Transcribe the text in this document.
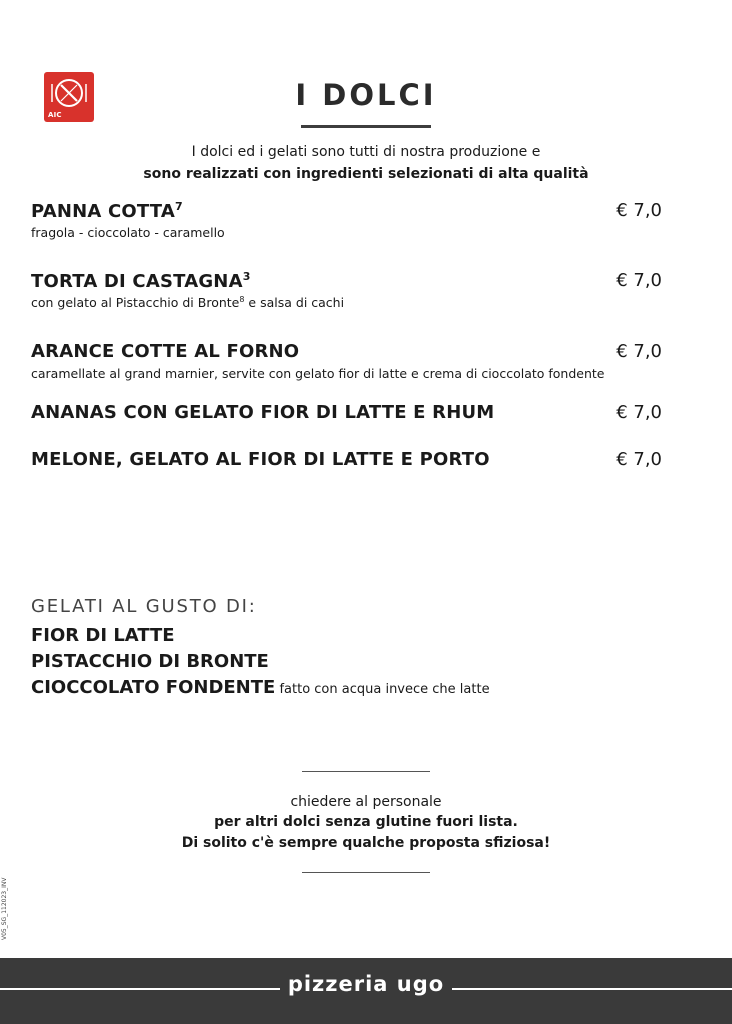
AIC
I DOLCI
I dolci ed i gelati sono tutti di nostra produzione e
sono realizzati con ingredienti selezionati di alta qualità
PANNA COTTA$^7$	€ 7,0
fragola - cioccolato - caramello
TORTA DI CASTAGNA$^3$	€ 7,0
con gelato al Pistacchio di Bronte$^8$ e salsa di cachi
ARANCE COTTE AL FORNO	€ 7,0
caramellate al grand marnier, servite con gelato fior di latte e crema di cioccolato fondente
ANANAS CON GELATO FIOR DI LATTE E RHUM	€ 7,0
MELONE, GELATO AL FIOR DI LATTE E PORTO	€ 7,0
GELATI AL GUSTO DI:
FIOR DI LATTE
PISTACCHIO DI BRONTE
CIOCCOLATO FONDENTE fatto con acqua invece che latte
chiedere al personale
per altri dolci senza glutine fuori lista.
Di solito c'è sempre qualche proposta sfiziosa!
V05_SG_112023_INV
pizzeria ugo
